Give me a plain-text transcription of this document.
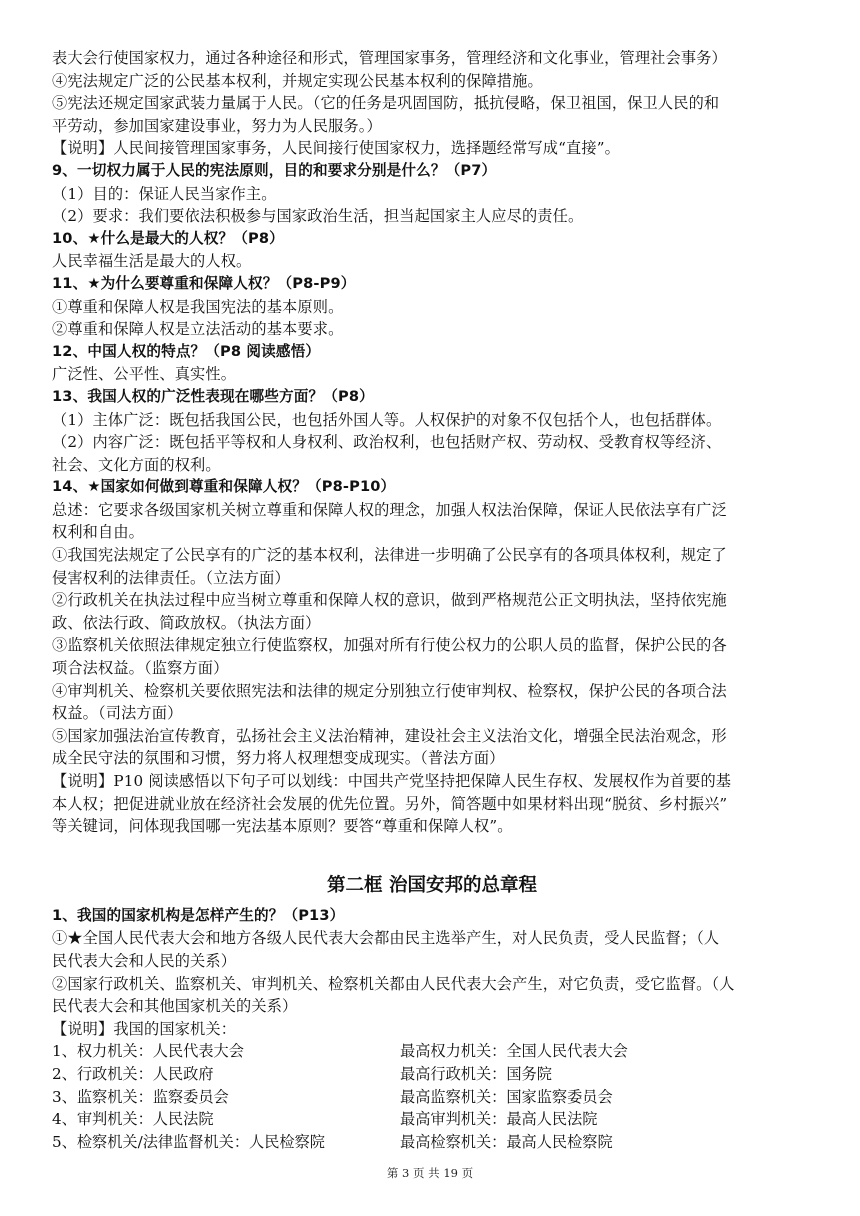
表大会行使国家权力，通过各种途径和形式，管理国家事务，管理经济和文化事业，管理社会事务）
④宪法规定广泛的公民基本权利，并规定实现公民基本权利的保障措施。
⑤宪法还规定国家武装力量属于人民。（它的任务是巩固国防，抵抗侵略，保卫祖国，保卫人民的和
平劳动，参加国家建设事业，努力为人民服务。）
【说明】人民间接管理国家事务，人民间接行使国家权力，选择题经常写成“直接”。
9、一切权力属于人民的宪法原则，目的和要求分别是什么？（P7）
（1）目的：保证人民当家作主。
（2）要求：我们要依法积极参与国家政治生活，担当起国家主人应尽的责任。
10、★什么是最大的人权？（P8）
人民幸福生活是最大的人权。
11、★为什么要尊重和保障人权？（P8-P9）
①尊重和保障人权是我国宪法的基本原则。
②尊重和保障人权是立法活动的基本要求。
12、中国人权的特点？（P8 阅读感悟）
广泛性、公平性、真实性。
13、我国人权的广泛性表现在哪些方面？（P8）
（1）主体广泛：既包括我国公民，也包括外国人等。人权保护的对象不仅包括个人，也包括群体。
（2）内容广泛：既包括平等权和人身权利、政治权利，也包括财产权、劳动权、受教育权等经济、
社会、文化方面的权利。
14、★国家如何做到尊重和保障人权？（P8-P10）
总述：它要求各级国家机关树立尊重和保障人权的理念，加强人权法治保障，保证人民依法享有广泛
权利和自由。
①我国宪法规定了公民享有的广泛的基本权利，法律进一步明确了公民享有的各项具体权利，规定了
侵害权利的法律责任。（立法方面）
②行政机关在执法过程中应当树立尊重和保障人权的意识，做到严格规范公正文明执法，坚持依宪施
政、依法行政、简政放权。（执法方面）
③监察机关依照法律规定独立行使监察权，加强对所有行使公权力的公职人员的监督，保护公民的各
项合法权益。（监察方面）
④审判机关、检察机关要依照宪法和法律的规定分别独立行使审判权、检察权，保护公民的各项合法
权益。（司法方面）
⑤国家加强法治宣传教育，弘扬社会主义法治精神，建设社会主义法治文化，增强全民法治观念，形
成全民守法的氛围和习惯，努力将人权理想变成现实。（普法方面）
【说明】P10 阅读感悟以下句子可以划线：中国共产党坚持把保障人民生存权、发展权作为首要的基
本人权；把促进就业放在经济社会发展的优先位置。另外，简答题中如果材料出现“脱贫、乡村振兴”
等关键词，问体现我国哪一宪法基本原则？要答“尊重和保障人权”。
第二框 治国安邦的总章程
1、我国的国家机构是怎样产生的？（P13）
①★全国人民代表大会和地方各级人民代表大会都由民主选举产生，对人民负责，受人民监督；（人
民代表大会和人民的关系）
②国家行政机关、监察机关、审判机关、检察机关都由人民代表大会产生，对它负责，受它监督。（人
民代表大会和其他国家机关的关系）
【说明】我国的国家机关：
1、权力机关：人民代表大会	最高权力机关：全国人民代表大会
2、行政机关：人民政府	最高行政机关：国务院
3、监察机关：监察委员会	最高监察机关：国家监察委员会
4、审判机关：人民法院	最高审判机关：最高人民法院
5、检察机关/法律监督机关：人民检察院	最高检察机关：最高人民检察院
第 3 页 共 19 页
